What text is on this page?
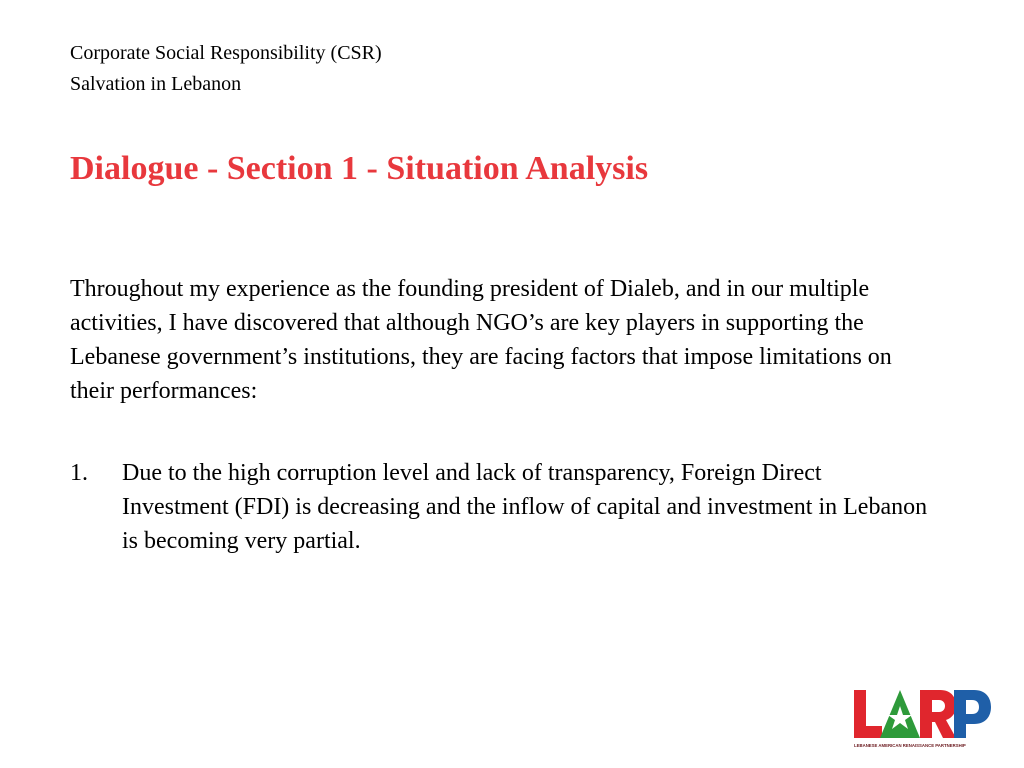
Corporate Social Responsibility (CSR)
Salvation in Lebanon
Dialogue - Section 1 - Situation Analysis

Throughout my experience as the founding president of Dialeb, and in our multiple activities, I have discovered that although NGO’s are key players in supporting the Lebanese government’s institutions, they are facing factors that impose limitations on their performances:

1.	Due to the high corruption level and lack of transparency, Foreign Direct Investment (FDI) is decreasing and the inflow of capital and investment in Lebanon is becoming very partial.
LEBANESE AMERICAN RENAISSANCE PARTNERSHIP
